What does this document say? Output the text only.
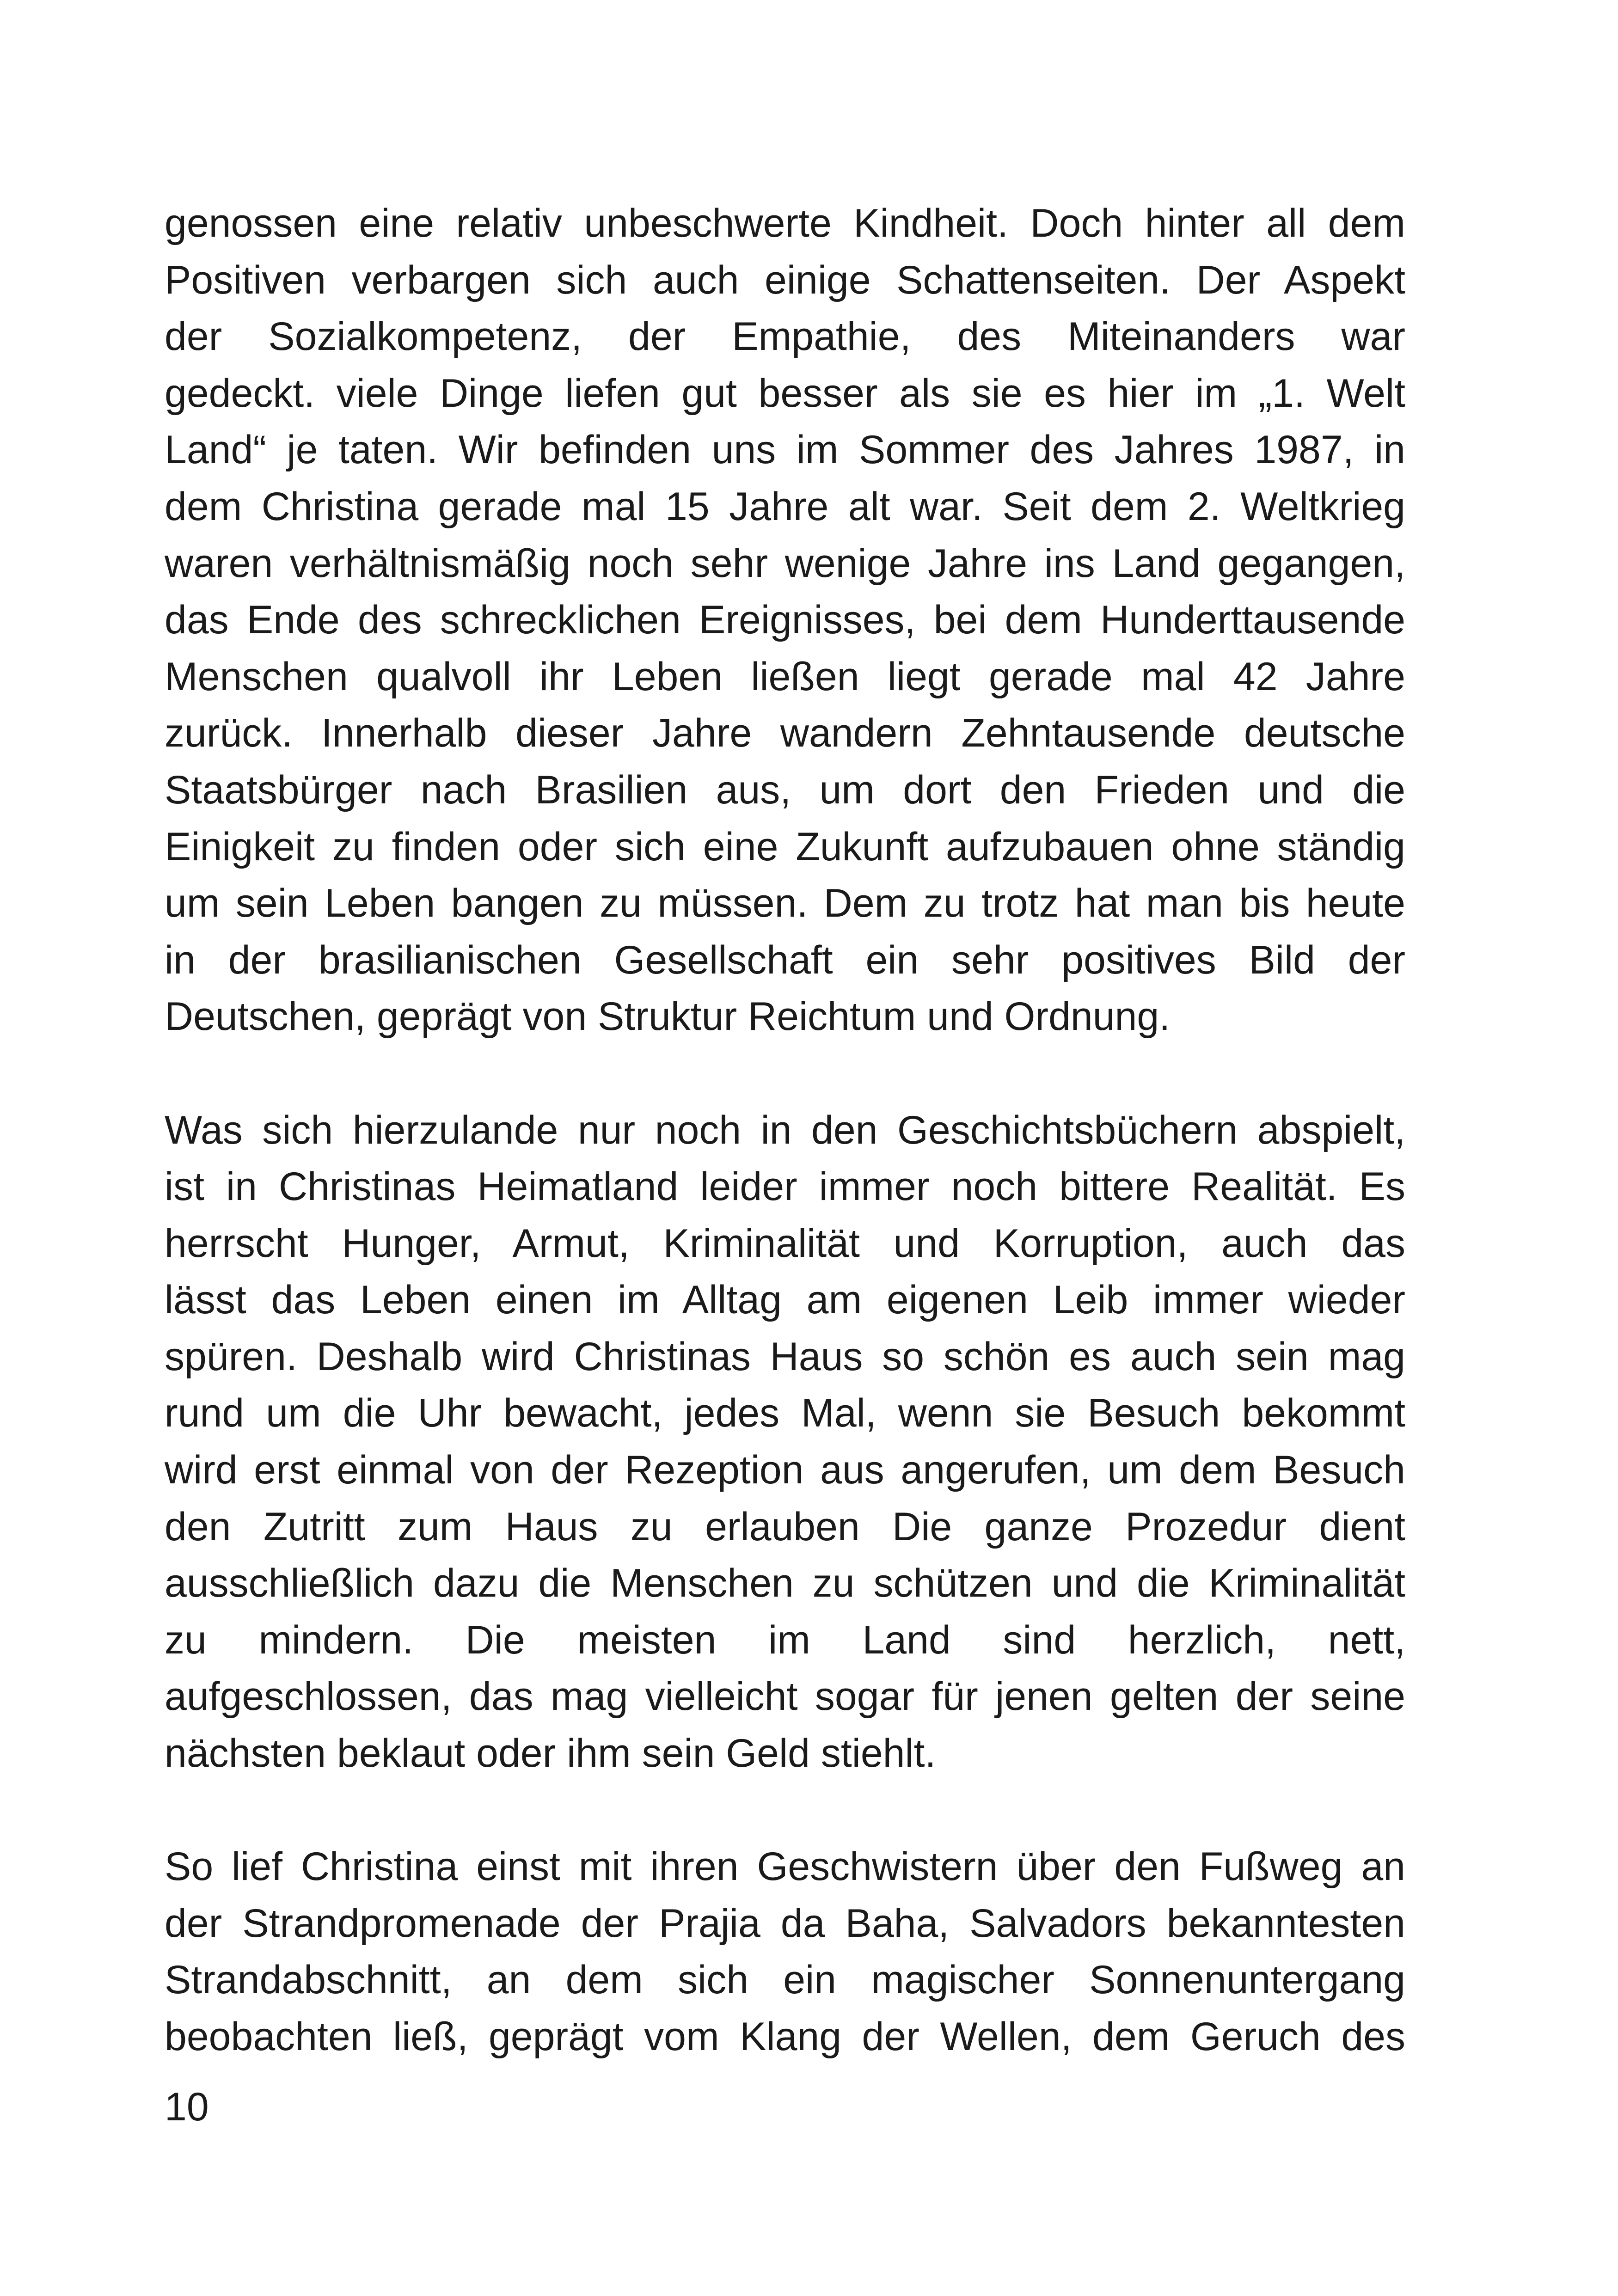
genossen eine relativ unbeschwerte Kindheit. Doch hinter all dem
Positiven verbargen sich auch einige Schattenseiten. Der Aspekt
der Sozialkompetenz, der Empathie, des Miteinanders war
gedeckt. viele Dinge liefen gut besser als sie es hier im „1. Welt
Land“ je taten. Wir befinden uns im Sommer des Jahres 1987, in
dem Christina gerade mal 15 Jahre alt war. Seit dem 2. Weltkrieg
waren verhältnismäßig noch sehr wenige Jahre ins Land gegangen,
das Ende des schrecklichen Ereignisses, bei dem Hunderttausende
Menschen qualvoll ihr Leben ließen liegt gerade mal 42 Jahre
zurück. Innerhalb dieser Jahre wandern Zehntausende deutsche
Staatsbürger nach Brasilien aus, um dort den Frieden und die
Einigkeit zu finden oder sich eine Zukunft aufzubauen ohne ständig
um sein Leben bangen zu müssen. Dem zu trotz hat man bis heute
in der brasilianischen Gesellschaft ein sehr positives Bild der
Deutschen, geprägt von Struktur Reichtum und Ordnung.
Was sich hierzulande nur noch in den Geschichtsbüchern abspielt,
ist in Christinas Heimatland leider immer noch bittere Realität. Es
herrscht Hunger, Armut, Kriminalität und Korruption, auch das
lässt das Leben einen im Alltag am eigenen Leib immer wieder
spüren. Deshalb wird Christinas Haus so schön es auch sein mag
rund um die Uhr bewacht, jedes Mal, wenn sie Besuch bekommt
wird erst einmal von der Rezeption aus angerufen, um dem Besuch
den Zutritt zum Haus zu erlauben Die ganze Prozedur dient
ausschließlich dazu die Menschen zu schützen und die Kriminalität
zu mindern. Die meisten im Land sind herzlich, nett,
aufgeschlossen, das mag vielleicht sogar für jenen gelten der seine
nächsten beklaut oder ihm sein Geld stiehlt.
So lief Christina einst mit ihren Geschwistern über den Fußweg an
der Strandpromenade der Prajia da Baha, Salvadors bekanntesten
Strandabschnitt, an dem sich ein magischer Sonnenuntergang
beobachten ließ, geprägt vom Klang der Wellen, dem Geruch des
10
